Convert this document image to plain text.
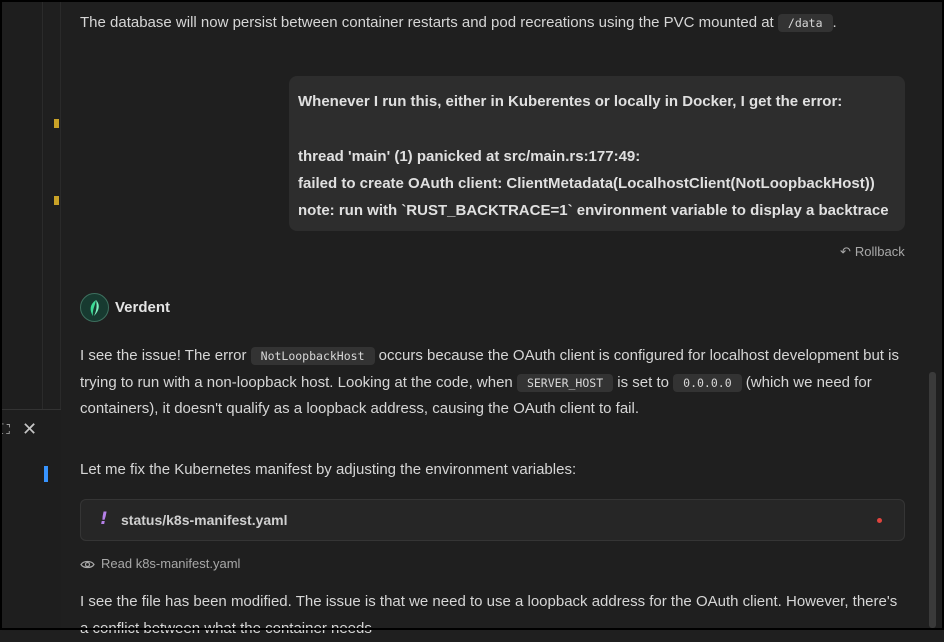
⛶ ✕

The database will now persist between container restarts and pod recreations using the PVC mounted at /data .

Whenever I run this, either in Kuberentes or locally in Docker, I get the error:
thread 'main' (1) panicked at src/main.rs:177:49:
failed to create OAuth client: ClientMetadata(LocalhostClient(NotLoopbackHost))
note: run with `RUST_BACKTRACE=1` environment variable to display a backtrace
↶ Rollback
Verdent

I see the issue! The error NotLoopbackHost occurs because the OAuth client is configured for localhost development but is trying to run with a non-loopback host. Looking at the code, when SERVER_HOST is set to 0.0.0.0 (which we need for containers), it doesn't qualify as a loopback address, causing the OAuth client to fail.

Let me fix the Kubernetes manifest by adjusting the environment variables:

! status/k8s-manifest.yaml
Read k8s-manifest.yaml

I see the file has been modified. The issue is that we need to use a loopback address for the OAuth client. However, there's a conflict between what the container needs
